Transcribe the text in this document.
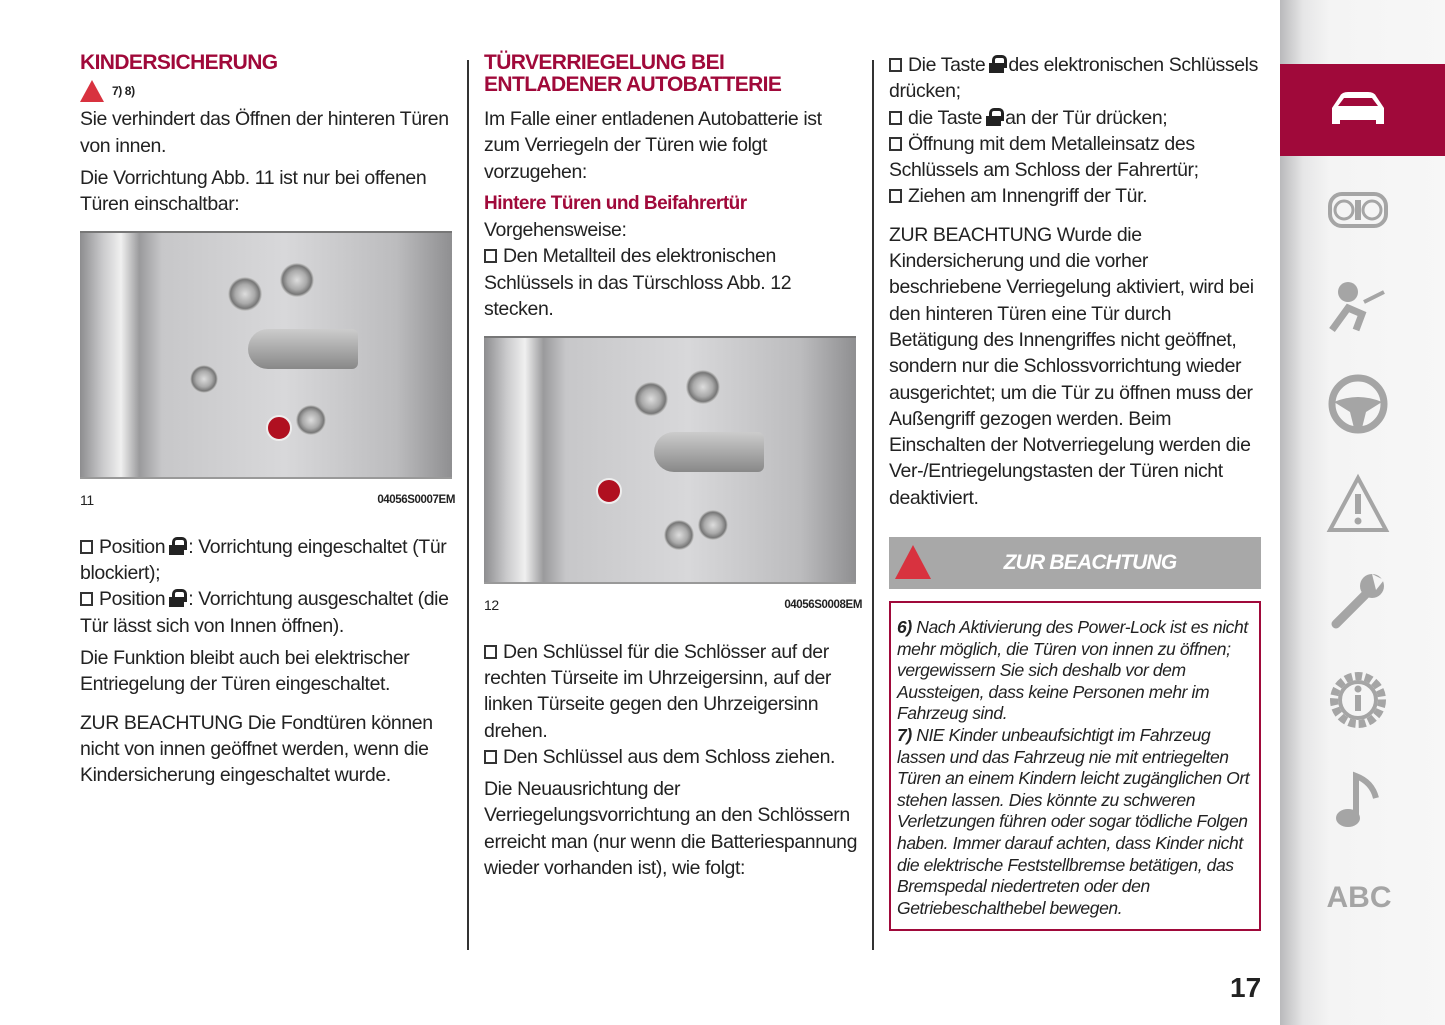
KINDERSICHERUNG
7) 8)

Sie verhindert das Öffnen der hinteren Türen von innen.

Die Vorrichtung Abb. 11 ist nur bei offenen Türen einschaltbar:

11	04056S0007EM

Position : Vorrichtung eingeschaltet (Tür blockiert);
Position : Vorrichtung ausgeschaltet (die Tür lässt sich von Innen öffnen).

Die Funktion bleibt auch bei elektrischer Entriegelung der Türen eingeschaltet.

ZUR BEACHTUNG Die Fondtüren können nicht von innen geöffnet werden, wenn die Kindersicherung eingeschaltet wurde.

TÜRVERRIEGELUNG BEI ENTLADENER AUTOBATTERIE

Im Falle einer entladenen Autobatterie ist zum Verriegeln der Türen wie folgt vorzugehen:

Hintere Türen und Beifahrertür

Vorgehensweise:

Den Metallteil des elektronischen Schlüssels in das Türschloss Abb. 12 stecken.

12	04056S0008EM

Den Schlüssel für die Schlösser auf der rechten Türseite im Uhrzeigersinn, auf der linken Türseite gegen den Uhrzeigersinn drehen.

Den Schlüssel aus dem Schloss ziehen.

Die Neuausrichtung der Verriegelungsvorrichtung an den Schlössern erreicht man (nur wenn die Batteriespannung wieder vorhanden ist), wie folgt:

Die Taste des elektronischen Schlüssels drücken;

die Taste an der Tür drücken;

Öffnung mit dem Metalleinsatz des Schlüssels am Schloss der Fahrertür;

Ziehen am Innengriff der Tür.

ZUR BEACHTUNG Wurde die Kindersicherung und die vorher beschriebene Verriegelung aktiviert, wird bei den hinteren Türen eine Tür durch Betätigung des Innengriffes nicht geöffnet, sondern nur die Schlossvorrichtung wieder ausgerichtet; um die Tür zu öffnen muss der Außengriff gezogen werden. Beim Einschalten der Notverriegelung werden die Ver-/Entriegelungstasten der Türen nicht deaktiviert.

ZUR BEACHTUNG

6) Nach Aktivierung des Power-Lock ist es nicht mehr möglich, die Türen von innen zu öffnen; vergewissern Sie sich deshalb vor dem Aussteigen, dass keine Personen mehr im Fahrzeug sind.

7) NIE Kinder unbeaufsichtigt im Fahrzeug lassen und das Fahrzeug nie mit entriegelten Türen an einem Kindern leicht zugänglichen Ort stehen lassen. Dies könnte zu schweren Verletzungen führen oder sogar tödliche Folgen haben. Immer darauf achten, dass Kinder nicht die elektrische Feststellbremse betätigen, das Bremspedal niedertreten oder den Getriebeschalthebel bewegen.

17
ABC
